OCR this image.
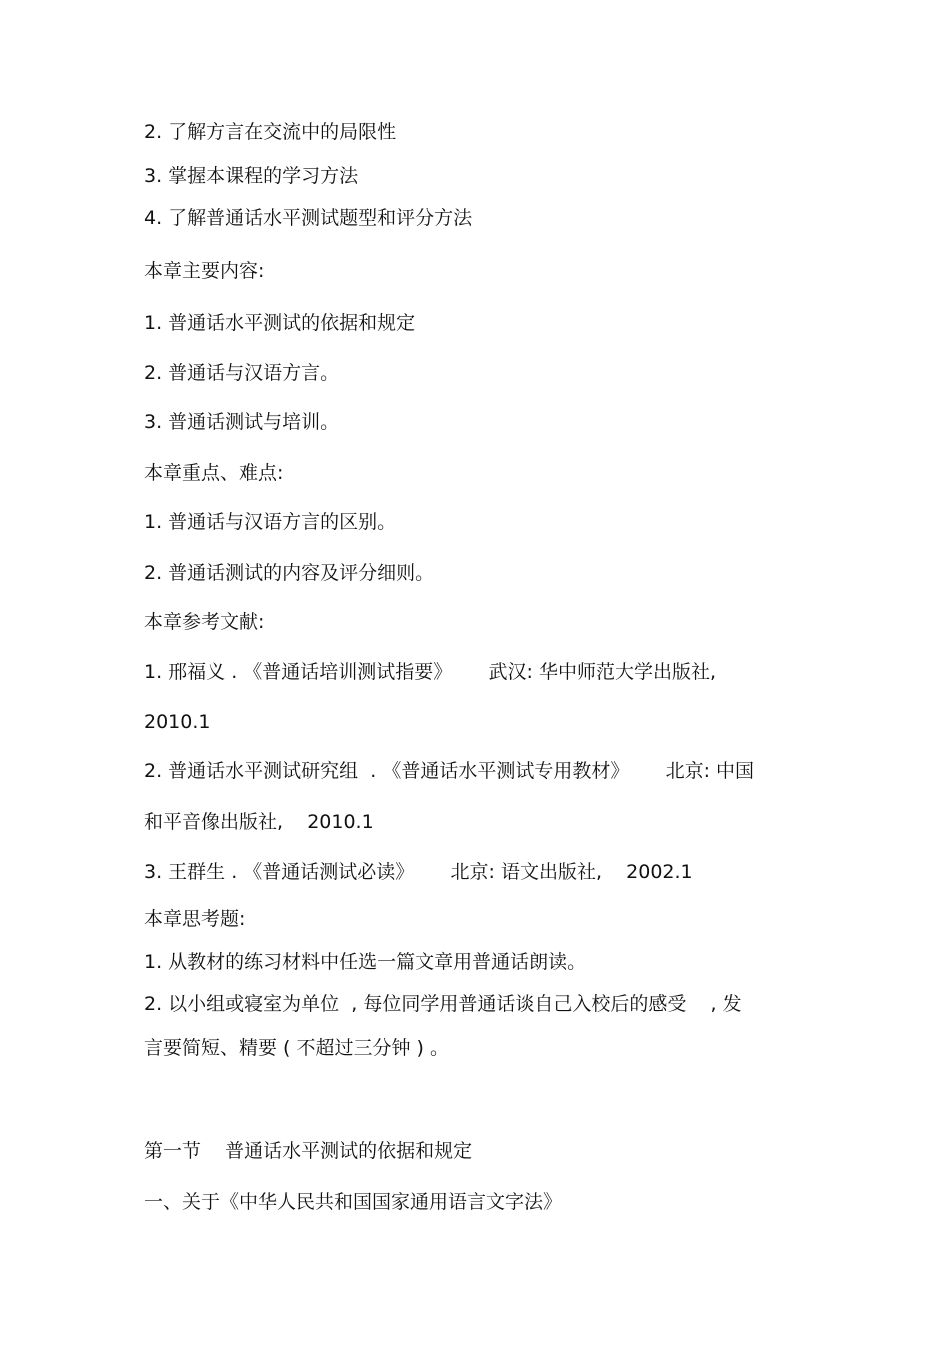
2. 了解方言在交流中的局限性

3. 掌握本课程的学习方法

4. 了解普通话水平测试题型和评分方法

本章主要内容:

1. 普通话水平测试的依据和规定

2. 普通话与汉语方言。

3. 普通话测试与培训。

本章重点、难点:

1. 普通话与汉语方言的区别。

2. 普通话测试的内容及评分细则。

本章参考文献:

1. 邢福义 . 《普通话培训测试指要》      武汉: 华中师范大学出版社,

2010.1

2. 普通话水平测试研究组  . 《普通话水平测试专用教材》      北京: 中国

和平音像出版社,    2010.1

3. 王群生 . 《普通话测试必读》      北京: 语文出版社,    2002.1

本章思考题:

1. 从教材的练习材料中任选一篇文章用普通话朗读。

2. 以小组或寝室为单位  , 每位同学用普通话谈自己入校后的感受    , 发

言要简短、精要 ( 不超过三分钟 ) 。

第一节    普通话水平测试的依据和规定

一、关于《中华人民共和国国家通用语言文字法》
